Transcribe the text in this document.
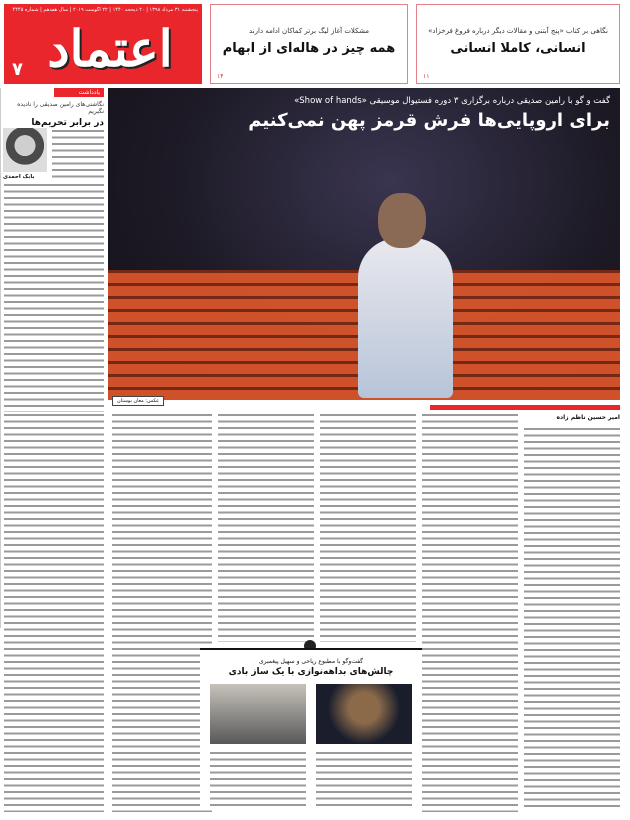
پنجشنبه ۳۱ مرداد ۱۳۹۸ | ۲۰ ذیحجه ۱۴۴۰ | ۲۲ آگوست ۲۰۱۹ | سال هفدهم | شماره ۴۴۴۵
اعتماد
۷
نگاهی بر کتاب «پنج آبتنی و مقالات دیگر درباره فروغ فرخزاد»
انسانی، کاملا انسانی
۱۱
مشکلات آغاز لیگ برتر کماکان ادامه دارند
همه چیز در هاله‌ای از ابهام
۱۴
گفت و گو با رامین صدیقی درباره برگزاری ۳ دوره فستیوال موسیقی «Show of hands»
برای اروپایی‌ها فرش قرمز پهن نمی‌کنیم
عکس: معان بوستان
یادداشت
نگاشتی‌های رامین صدیقی را نادیده نگیریم
در برابر تحریم‌ها
بابک احمدی
امیر حسین ناظم زاده
گفت‌و‌گو با مطبوع ریاحی و سهیل پیغمبری
چالش‌های بداهه‌نوازی با یک ساز بادی
